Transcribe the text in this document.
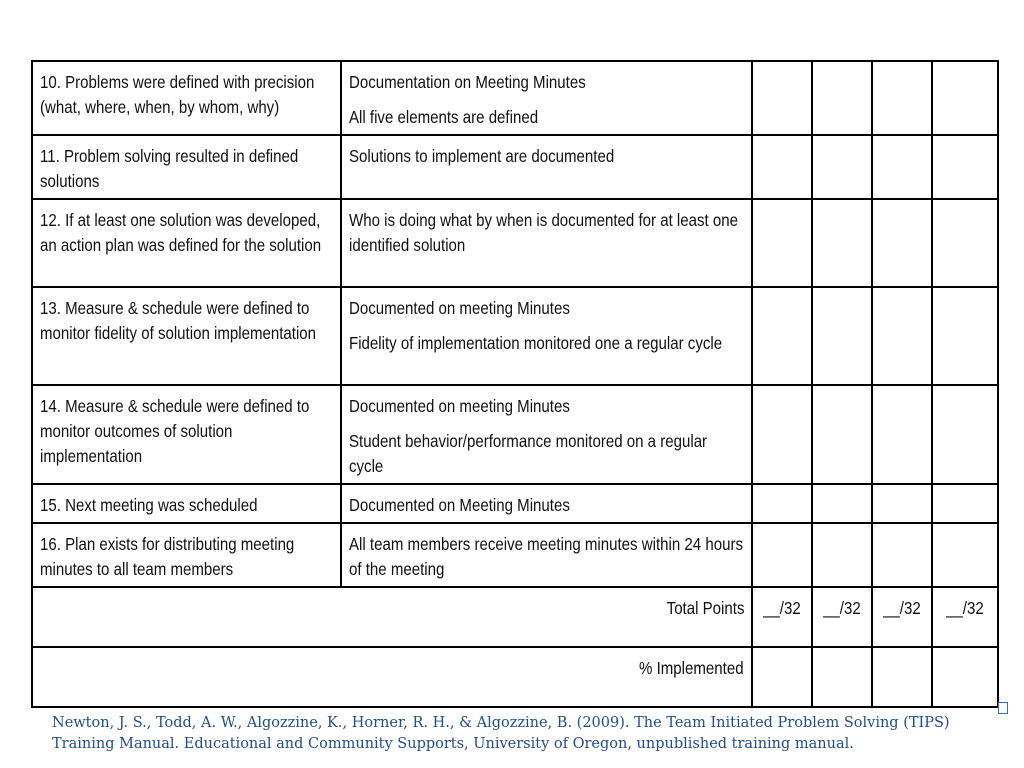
10. Problems were defined with precision (what, where, when, by whom, why)	Documentation on Meeting Minutes
All five elements are defined				

11. Problem solving resulted in defined solutions	Solutions to implement are documented				

12. If at least one solution was developed, an action plan was defined for the solution	Who is doing what by when is documented for at least one identified solution				

13. Measure & schedule were defined to monitor fidelity of solution implementation	Documented on meeting Minutes
Fidelity of implementation monitored one a regular cycle				

14. Measure & schedule were defined to monitor outcomes of solution implementation	Documented on meeting Minutes
Student behavior/performance monitored on a regular cycle				

15. Next meeting was scheduled	Documented on Meeting Minutes				

16. Plan exists for distributing meeting minutes to all team members	All team members receive meeting minutes within 24 hours of the meeting				

Total Points		__/32	__/32	__/32	__/32
% Implemented					
Newton, J. S., Todd, A. W., Algozzine, K., Horner, R. H., & Algozzine, B. (2009). The Team Initiated Problem Solving (TIPS) Training Manual. Educational and Community Supports, University of Oregon, unpublished training manual.
